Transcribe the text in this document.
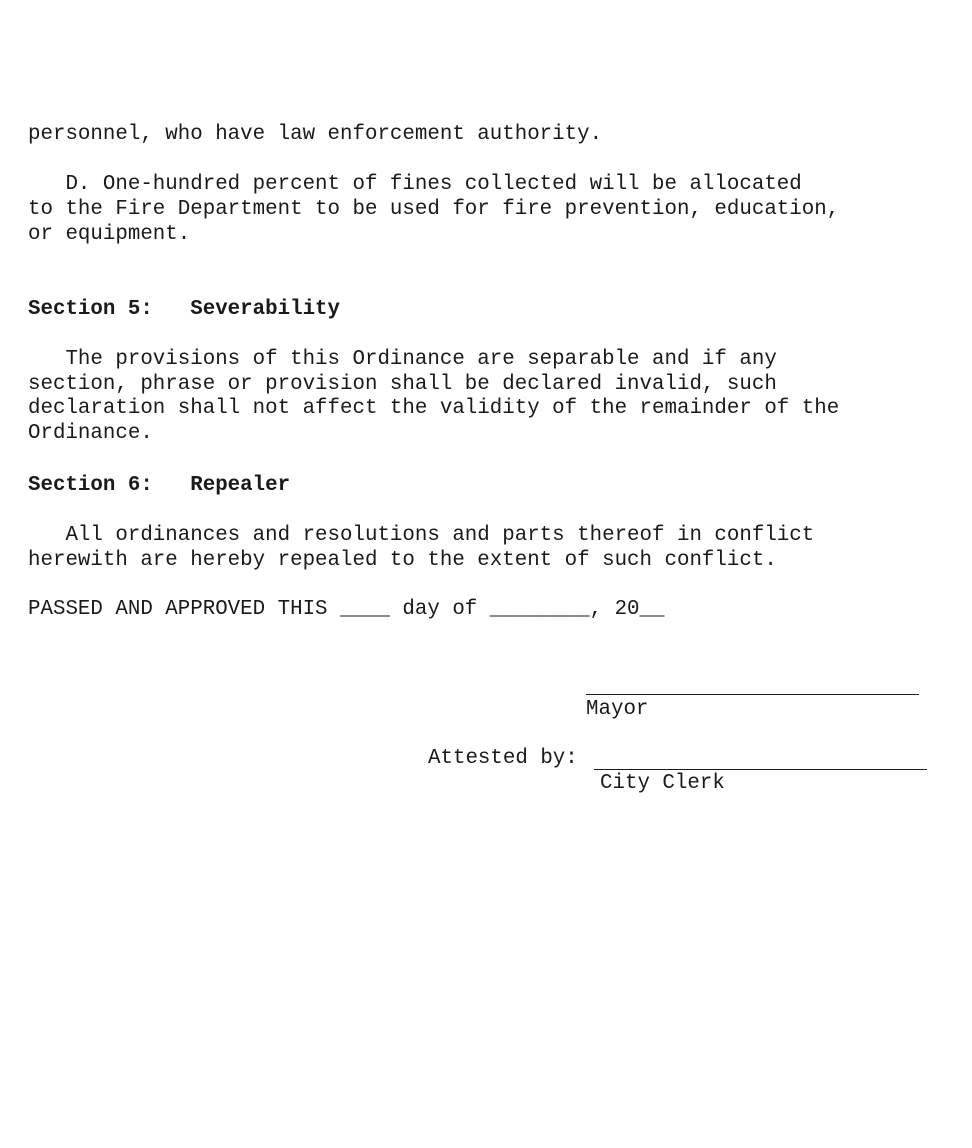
personnel, who have law enforcement authority.

D. One-hundred percent of fines collected will be allocated

to the Fire Department to be used for fire prevention, education,

or equipment.

Section 5:   Severability

The provisions of this Ordinance are separable and if any

section, phrase or provision shall be declared invalid, such

declaration shall not affect the validity of the remainder of the

Ordinance.

Section 6:   Repealer

All ordinances and resolutions and parts thereof in conflict

herewith are hereby repealed to the extent of such conflict.

PASSED AND APPROVED THIS ____ day of ________, 20__

Mayor
Attested by:
City Clerk
